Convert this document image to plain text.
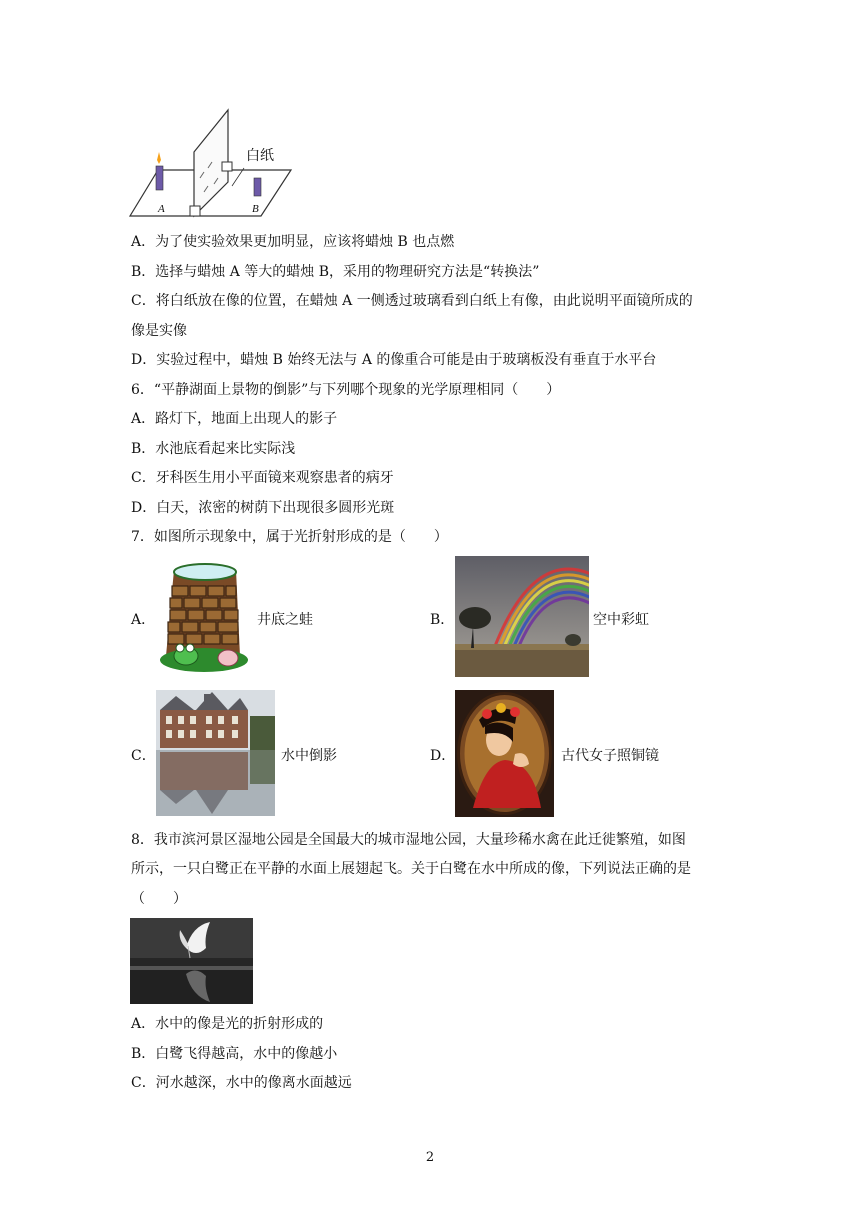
白纸
A	B
A．为了使实验效果更加明显，应该将蜡烛 B 也点燃
B．选择与蜡烛 A 等大的蜡烛 B，采用的物理研究方法是“转换法”
C．将白纸放在像的位置，在蜡烛 A 一侧透过玻璃看到白纸上有像，由此说明平面镜所成的
像是实像
D．实验过程中，蜡烛 B 始终无法与 A 的像重合可能是由于玻璃板没有垂直于水平台
6．“平静湖面上景物的倒影”与下列哪个现象的光学原理相同（　　）
A．路灯下，地面上出现人的影子
B．水池底看起来比实际浅
C．牙科医生用小平面镜来观察患者的病牙
D．白天，浓密的树荫下出现很多圆形光斑
7．如图所示现象中，属于光折射形成的是（　　）
A．	井底之蛙	B．	空中彩虹
C．	水中倒影	D．	古代女子照铜镜
8．我市滨河景区湿地公园是全国最大的城市湿地公园，大量珍稀水禽在此迁徙繁殖，如图
所示，一只白鹭正在平静的水面上展翅起飞。关于白鹭在水中所成的像，下列说法正确的是
（　　）
A．水中的像是光的折射形成的
B．白鹭飞得越高，水中的像越小
C．河水越深，水中的像离水面越远
2
